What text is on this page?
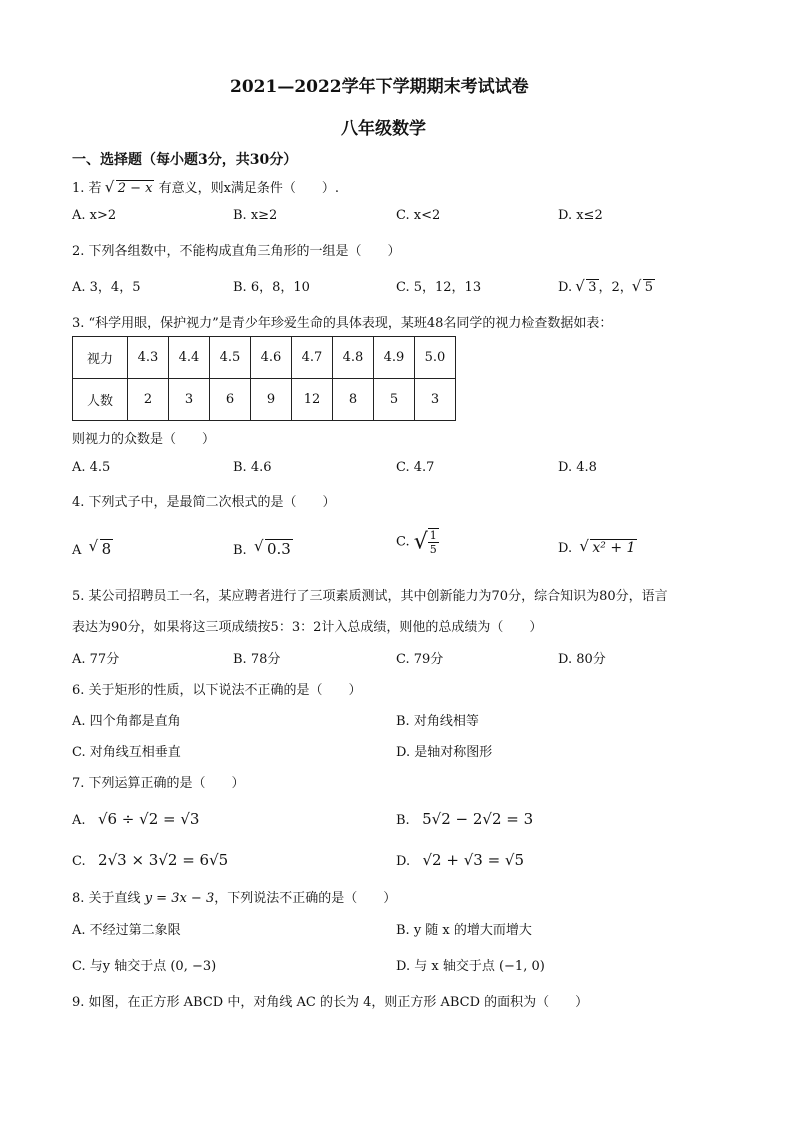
2021—2022学年下学期期末考试试卷
八年级数学
一、选择题（每小题3分，共30分）
1. 若 √ 2 − x 有意义，则x满足条件（　　）.
A. x>2	B. x≥2	C. x<2	D. x≤2
2. 下列各组数中，不能构成直角三角形的一组是（　　）
A. 3，4，5	B. 6，8，10	C. 5，12，13	D. √ 3 ，2， √ 5
3. “科学用眼，保护视力”是青少年珍爱生命的具体表现，某班48名同学的视力检查数据如表：
视力	4.3	4.4	4.5	4.6	4.7	4.8	4.9	5.0
人数	2	3	6	9	12	8	5	3
则视力的众数是（　　）
A. 4.5	B. 4.6	C. 4.7	D. 4.8
4. 下列式子中，是最简二次根式的是（　　）
A √ 8	B. √ 0.3	C. √ $\frac{1}{5}$	D. √ x² + 1
5. 某公司招聘员工一名，某应聘者进行了三项素质测试，其中创新能力为70分，综合知识为80分，语言
表达为90分，如果将这三项成绩按5：3：2计入总成绩，则他的总成绩为（　　）
A. 77分	B. 78分	C. 79分	D. 80分
6. 关于矩形的性质，以下说法不正确的是（　　）
A. 四个角都是直角	B. 对角线相等
C. 对角线互相垂直	D. 是轴对称图形
7. 下列运算正确的是（　　）
A. √6 ÷ √2 = √3	B. 5√2 − 2√2 = 3
C. 2√3 × 3√2 = 6√5	D. √2 + √3 = √5
8. 关于直线 y = 3x − 3，下列说法不正确的是（　　）
A. 不经过第二象限	B. y 随 x 的增大而增大
C. 与y 轴交于点 (0, −3)	D. 与 x 轴交于点 (−1, 0)
9. 如图，在正方形 ABCD 中，对角线 AC 的长为 4，则正方形 ABCD 的面积为（　　）
